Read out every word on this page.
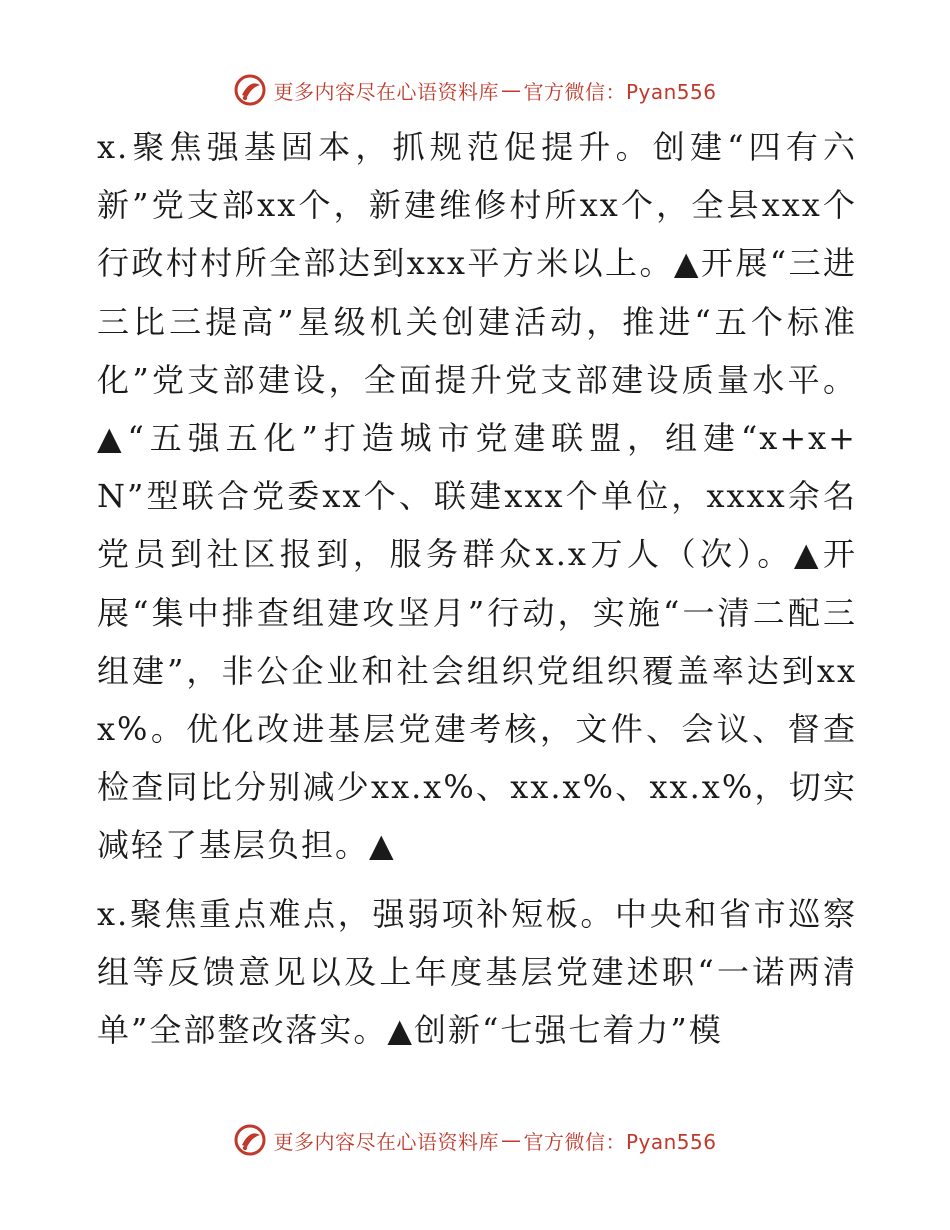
更多内容尽在心语资料库 — 官方微信：Pyan556

x.聚焦强基固本，抓规范促提升。创建“四有六新”党支部xx个，新建维修村所xx个，全县xxx个行政村村所全部达到xxx平方米以上。▲开展“三进三比三提高”星级机关创建活动，推进“五个标准化”党支部建设，全面提升党支部建设质量水平。▲“五强五化”打造城市党建联盟，组建“x+x+N”型联合党委xx个、联建xxx个单位，xxxx余名党员到社区报到，服务群众x.x万人（次）。▲开展“集中排查组建攻坚月”行动，实施“一清二配三组建”，非公企业和社会组织党组织覆盖率达到xxx%。优化改进基层党建考核，文件、会议、督查检查同比分别减少xx.x%、xx.x%、xx.x%，切实减轻了基层负担。▲

x.聚焦重点难点，强弱项补短板。中央和省市巡察组等反馈意见以及上年度基层党建述职“一诺两清单”全部整改落实。▲创新“七强七着力”模

更多内容尽在心语资料库 — 官方微信：Pyan556
